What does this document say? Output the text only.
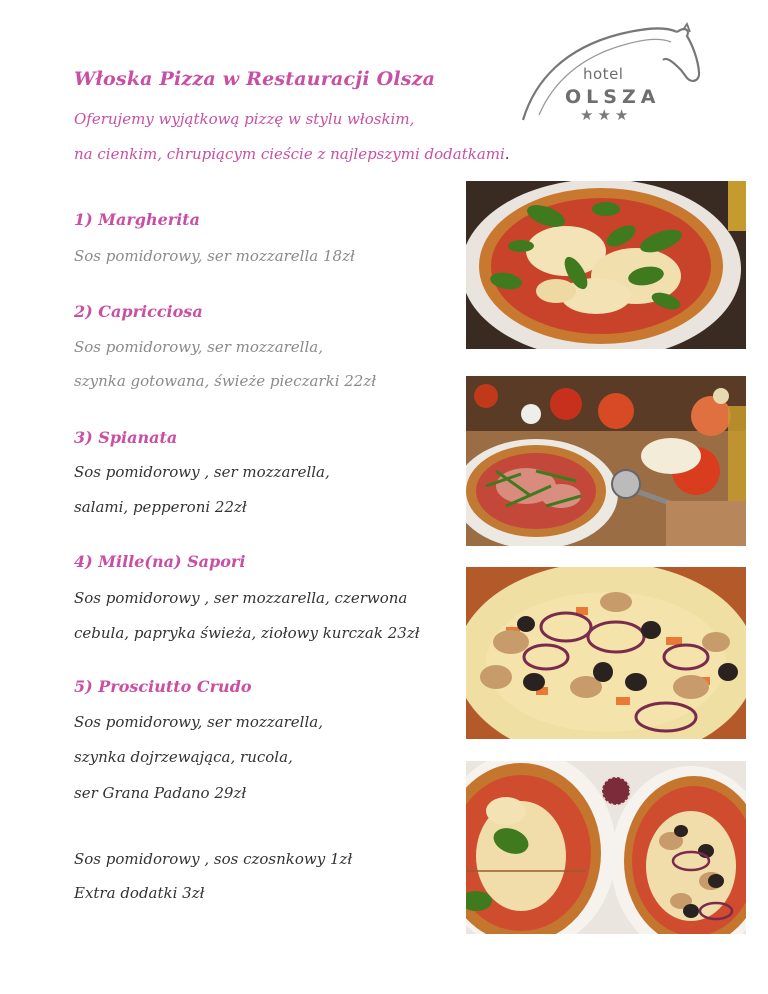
Włoska Pizza w Restauracji Olsza
Oferujemy wyjątkową pizzę w stylu włoskim,
na cienkim, chrupiącym cieście z najlepszymi dodatkami.
hotel
OLSZA
★★★
1) Margherita
Sos pomidorowy, ser mozzarella 18zł
2) Capricciosa
Sos pomidorowy, ser mozzarella,
szynka gotowana, świeże pieczarki 22zł
3) Spianata
Sos pomidorowy , ser mozzarella,
salami, pepperoni 22zł
4) Mille(na) Sapori
Sos pomidorowy , ser mozzarella, czerwona
cebula, papryka świeża, ziołowy kurczak 23zł
5) Prosciutto Crudo
Sos pomidorowy, ser mozzarella,
szynka dojrzewająca, rucola,
ser Grana Padano 29zł
Sos pomidorowy , sos czosnkowy 1zł
Extra dodatki 3zł
